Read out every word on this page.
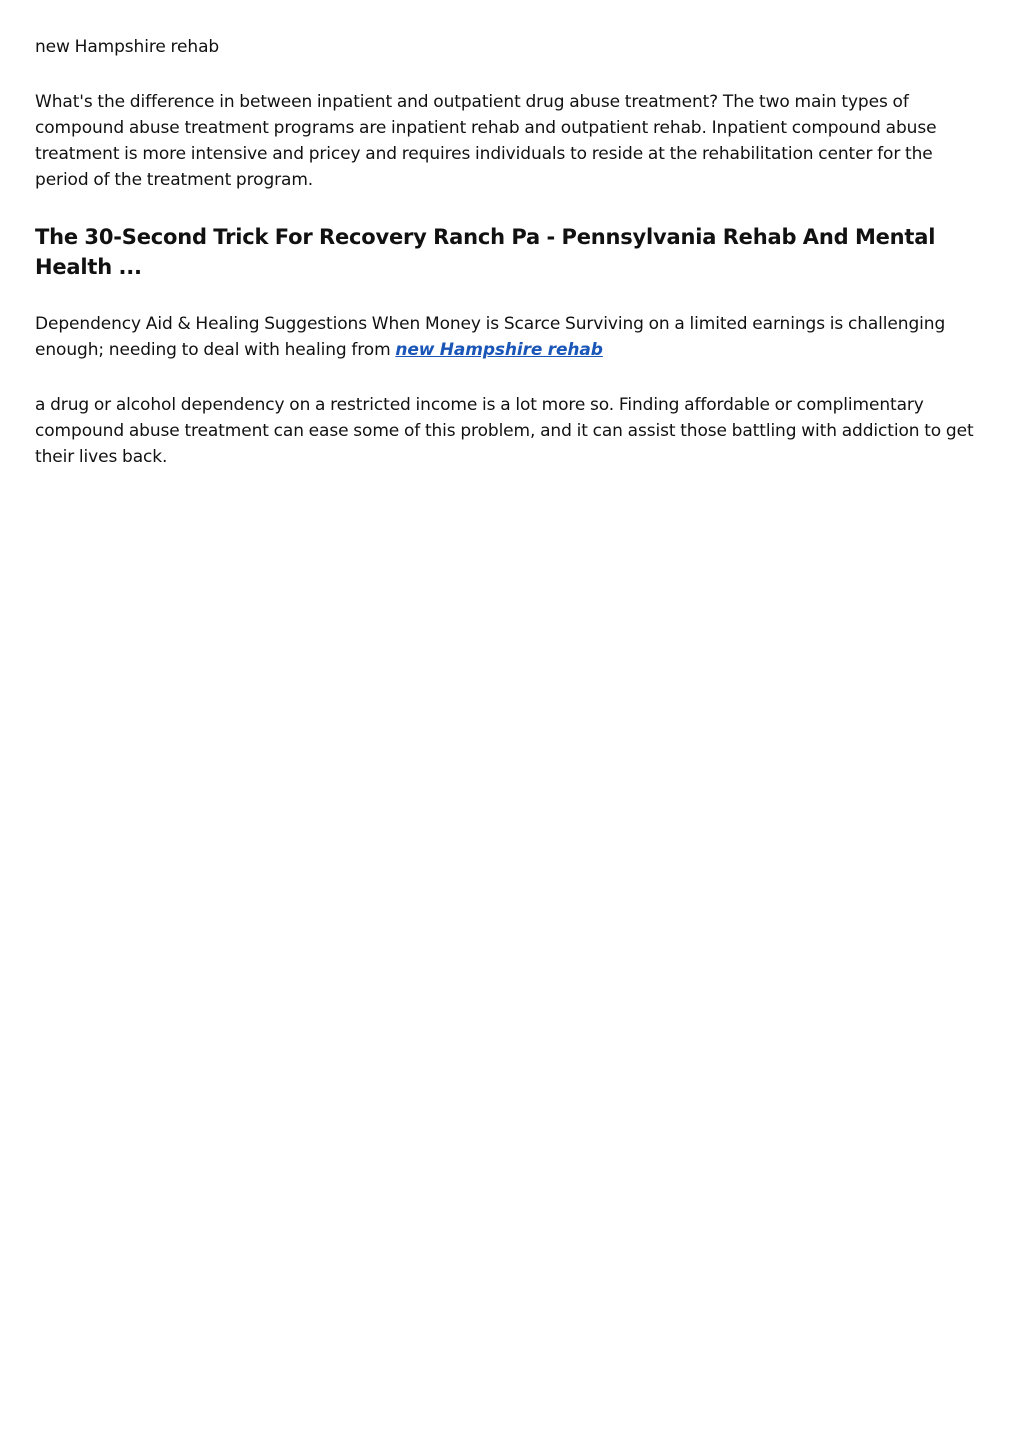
new Hampshire rehab

What's the difference in between inpatient and outpatient drug abuse treatment? The two main types of compound abuse treatment programs are inpatient rehab and outpatient rehab. Inpatient compound abuse treatment is more intensive and pricey and requires individuals to reside at the rehabilitation center for the period of the treatment program.

The 30-Second Trick For Recovery Ranch Pa - Pennsylvania Rehab And Mental Health ...

Dependency Aid & Healing Suggestions When Money is Scarce Surviving on a limited earnings is challenging enough; needing to deal with healing from new Hampshire rehab

a drug or alcohol dependency on a restricted income is a lot more so. Finding affordable or complimentary compound abuse treatment can ease some of this problem, and it can assist those battling with addiction to get their lives back.
